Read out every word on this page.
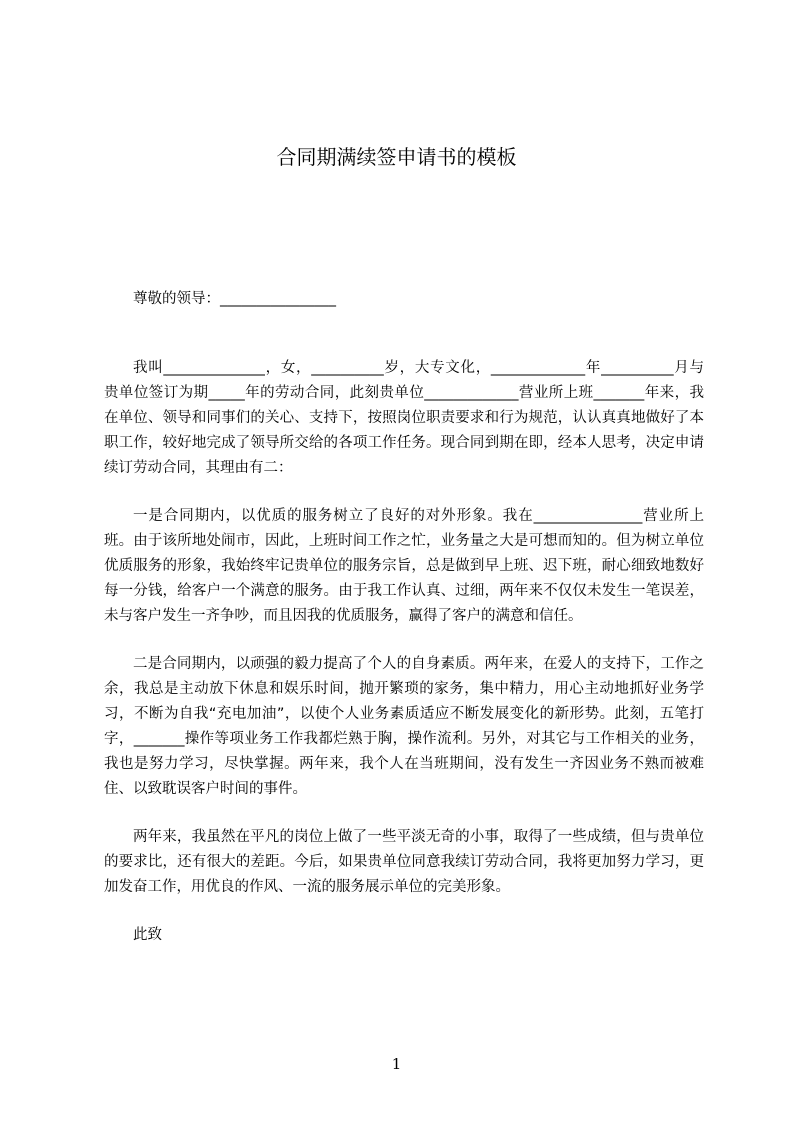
合同期满续签申请书的模板

尊敬的领导：________________

我叫______________，女，__________岁，大专文化，_____________年__________月与贵单位签订为期_____年的劳动合同，此刻贵单位_____________营业所上班_______年来，我在单位、领导和同事们的关心、支持下，按照岗位职责要求和行为规范，认认真真地做好了本职工作，较好地完成了领导所交给的各项工作任务。现合同到期在即，经本人思考，决定申请续订劳动合同，其理由有二：

一是合同期内，以优质的服务树立了良好的对外形象。我在_______________营业所上班。由于该所地处闹市，因此，上班时间工作之忙，业务量之大是可想而知的。但为树立单位优质服务的形象，我始终牢记贵单位的服务宗旨，总是做到早上班、迟下班，耐心细致地数好每一分钱，给客户一个满意的服务。由于我工作认真、过细，两年来不仅仅未发生一笔误差，未与客户发生一齐争吵，而且因我的优质服务，赢得了客户的满意和信任。

二是合同期内，以顽强的毅力提高了个人的自身素质。两年来，在爱人的支持下，工作之余，我总是主动放下休息和娱乐时间，抛开繁琐的家务，集中精力，用心主动地抓好业务学习，不断为自我“充电加油”，以使个人业务素质适应不断发展变化的新形势。此刻，五笔打字，_______操作等项业务工作我都烂熟于胸，操作流利。另外，对其它与工作相关的业务，我也是努力学习，尽快掌握。两年来，我个人在当班期间，没有发生一齐因业务不熟而被难住、以致耽误客户时间的事件。

两年来，我虽然在平凡的岗位上做了一些平淡无奇的小事，取得了一些成绩，但与贵单位的要求比，还有很大的差距。今后，如果贵单位同意我续订劳动合同，我将更加努力学习，更加发奋工作，用优良的作风、一流的服务展示单位的完美形象。

此致

1
